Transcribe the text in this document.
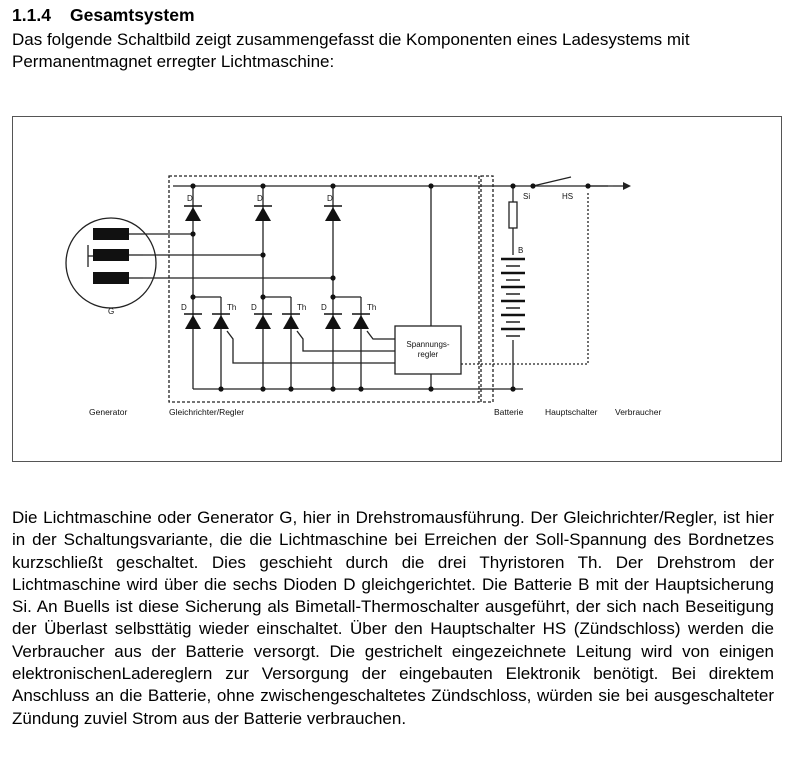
1.1.4 Gesamtsystem
Das folgende Schaltbild zeigt zusammengefasst die Komponenten eines Ladesystems mit Permanentmagnet erregter Lichtmaschine:
D	D	D
D	D	D
Th	Th	Th
Si	HS
B
G
Spannungs-
regler
Generator	Gleichrichter/Regler	Batterie	Hauptschalter Verbraucher
Die Lichtmaschine oder Generator G, hier in Drehstromausführung. Der Gleichrichter/Regler, ist hier in der Schaltungsvariante, die die Lichtmaschine bei Erreichen der Soll-Spannung des Bordnetzes kurzschließt geschaltet. Dies geschieht durch die drei Thyristoren Th. Der Drehstrom der Lichtmaschine wird über die sechs Dioden D gleichgerichtet. Die Batterie B mit der Hauptsicherung Si. An Buells ist diese Sicherung als Bimetall-Thermoschalter ausgeführt, der sich nach Beseitigung der Überlast selbsttätig wieder einschaltet. Über den Hauptschalter HS (Zündschloss) werden die Verbraucher aus der Batterie versorgt. Die gestrichelt eingezeichnete Leitung wird von einigen elektronischenLadereglern zur Versorgung der eingebauten Elektronik benötigt. Bei direktem Anschluss an die Batterie, ohne zwischengeschaltetes Zündschloss, würden sie bei ausgeschalteter Zündung zuviel Strom aus der Batterie verbrauchen.
